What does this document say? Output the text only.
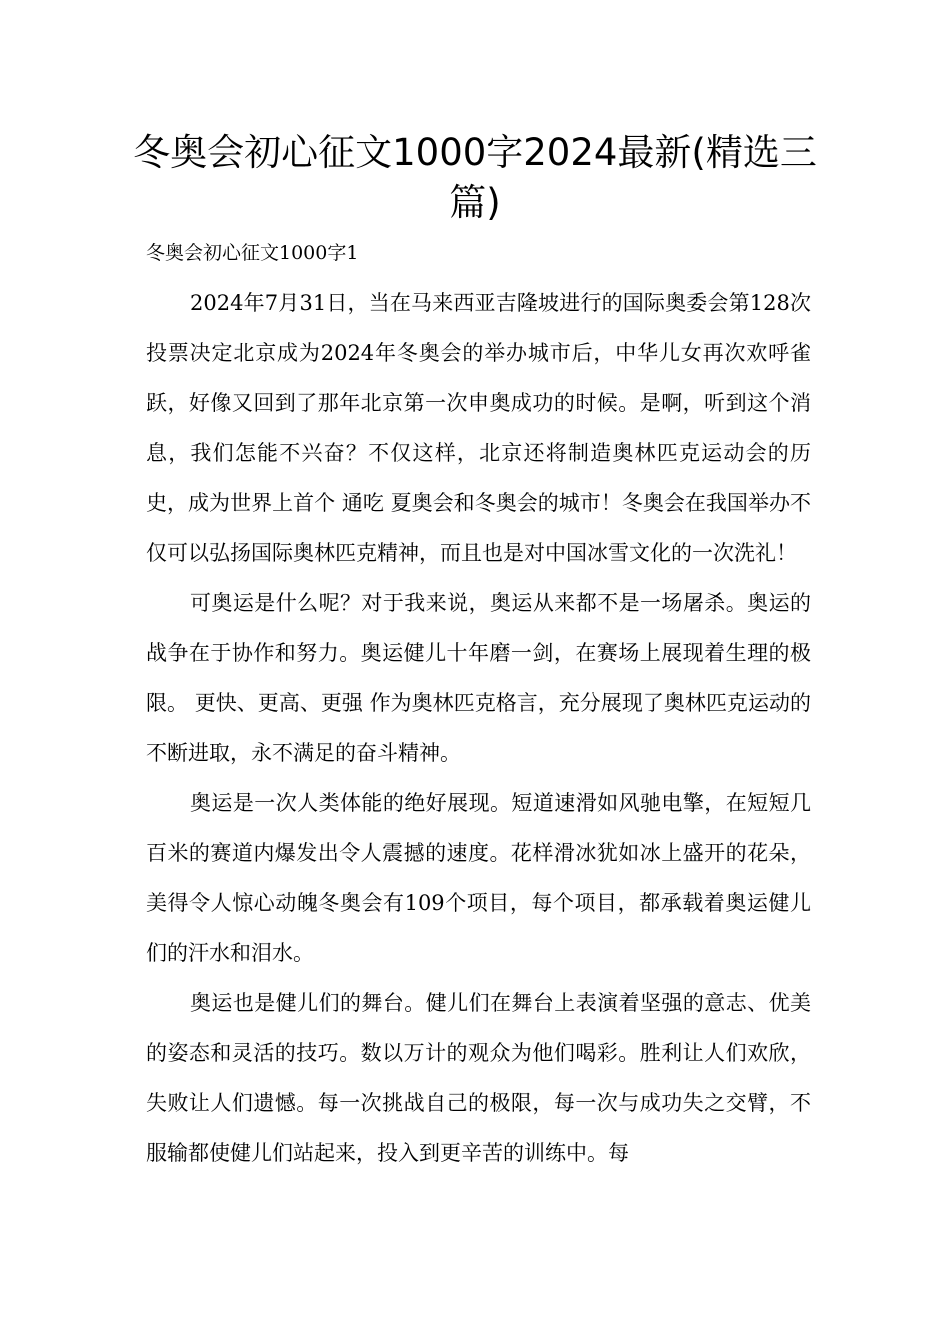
冬奥会初心征文1000字2024最新(精选三篇)
冬奥会初心征文1000字1

2024年7月31日，当在马来西亚吉隆坡进行的国际奥委会第128次投票决定北京成为2024年冬奥会的举办城市后，中华儿女再次欢呼雀跃，好像又回到了那年北京第一次申奥成功的时候。是啊，听到这个消息，我们怎能不兴奋？不仅这样，北京还将制造奥林匹克运动会的历史，成为世界上首个 通吃 夏奥会和冬奥会的城市！冬奥会在我国举办不仅可以弘扬国际奥林匹克精神，而且也是对中国冰雪文化的一次洗礼！

可奥运是什么呢？对于我来说，奥运从来都不是一场屠杀。奥运的战争在于协作和努力。奥运健儿十年磨一剑，在赛场上展现着生理的极限。 更快、更高、更强 作为奥林匹克格言，充分展现了奥林匹克运动的不断进取，永不满足的奋斗精神。

奥运是一次人类体能的绝好展现。短道速滑如风驰电擎，在短短几百米的赛道内爆发出令人震撼的速度。花样滑冰犹如冰上盛开的花朵，美得令人惊心动魄冬奥会有109个项目，每个项目，都承载着奥运健儿们的汗水和泪水。

奥运也是健儿们的舞台。健儿们在舞台上表演着坚强的意志、优美的姿态和灵活的技巧。数以万计的观众为他们喝彩。胜利让人们欢欣，失败让人们遗憾。每一次挑战自己的极限，每一次与成功失之交臂，不服输都使健儿们站起来，投入到更辛苦的训练中。每
